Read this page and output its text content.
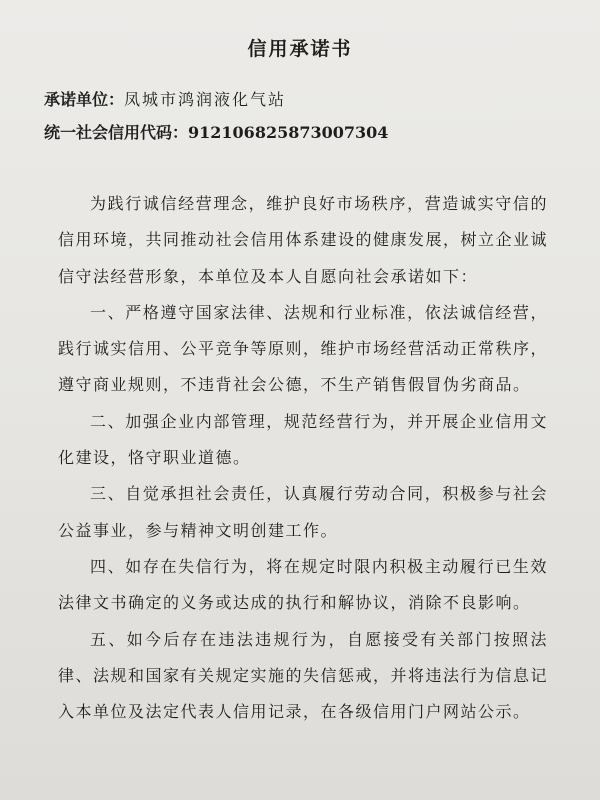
信用承诺书
承诺单位：凤城市鸿润液化气站
统一社会信用代码：912106825873007304

为践行诚信经营理念，维护良好市场秩序，营造诚实守信的信用环境，共同推动社会信用体系建设的健康发展，树立企业诚信守法经营形象，本单位及本人自愿向社会承诺如下：

一、严格遵守国家法律、法规和行业标准，依法诚信经营，践行诚实信用、公平竞争等原则，维护市场经营活动正常秩序，遵守商业规则，不违背社会公德，不生产销售假冒伪劣商品。

二、加强企业内部管理，规范经营行为，并开展企业信用文化建设，恪守职业道德。

三、自觉承担社会责任，认真履行劳动合同，积极参与社会公益事业，参与精神文明创建工作。

四、如存在失信行为，将在规定时限内积极主动履行已生效法律文书确定的义务或达成的执行和解协议，消除不良影响。

五、如今后存在违法违规行为，自愿接受有关部门按照法律、法规和国家有关规定实施的失信惩戒，并将违法行为信息记入本单位及法定代表人信用记录，在各级信用门户网站公示。
